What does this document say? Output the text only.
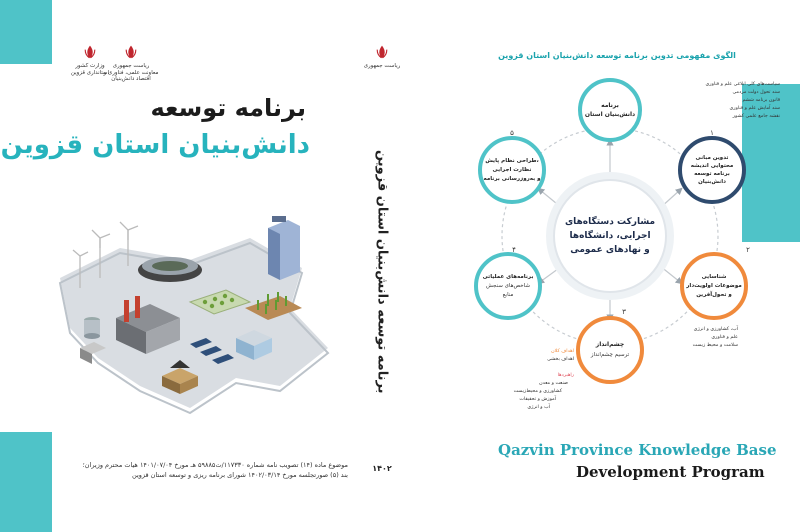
وزارت کشور
استانداری قزوین
ریاست جمهوری
معاونت علمی، فناوری و اقتصاد دانش‌بنیان
برنامه توسعه
دانش‌بنیان استان قزوین
موضوع ماده (۱۴) تصویب نامه شماره ۱۱۷۳۳۰/ت۵۹۸۸۵ هـ مورخ ۱۴۰۱/۰۷/۰۴ هیات محترم وزیران؛
بند (۵) صورتجلسه مورخ ۱۴۰۲/۰۳/۱۴ شورای برنامه ریزی و توسعه استان قزوین
ریاست جمهوری
برنامه توسعه دانش‌بنیان استان قزوین
۱۴۰۲
الگوی مفهومی تدوین برنامه توسعه دانش‌بنیان استان قزوین
مشارکت دستگاه‌های
اجرایی، دانشگاه‌ها
و نهادهای عمومی
برنامه
دانش‌بنیان استان
۱
تدوین مبانی
محتوایی اندیشه
برنامه توسعه
دانش‌بنیان
۲
شناسایی
موضوعات اولویت‌دار
و تحول‌آفرین
۳
چشم‌انداز
ترسیم چشم‌انداز
۴
برنامه‌های عملیاتی
شاخص‌های سنجش
منابع
۵
طراحی نظام پایش،
نظارت اجرایی
و به‌روزرسانی برنامه
سیاست‌های کلی ابلاغی علم و فناوری
سند تحول دولت مردمی
قانون برنامه ششم
سند آمایش علم و فناوری
نقشه جامع علمی کشور
آب، کشاورزی و انرژی
علم و فناوری
سلامت و محیط زیست
اهداف کلان
اهداف بخشی
راهبردها
صنعت و معدن
کشاورزی و محیط‌زیست
آموزش و تحقیقات
آب و انرژی
Qazvin Province Knowledge Base
Development Program
